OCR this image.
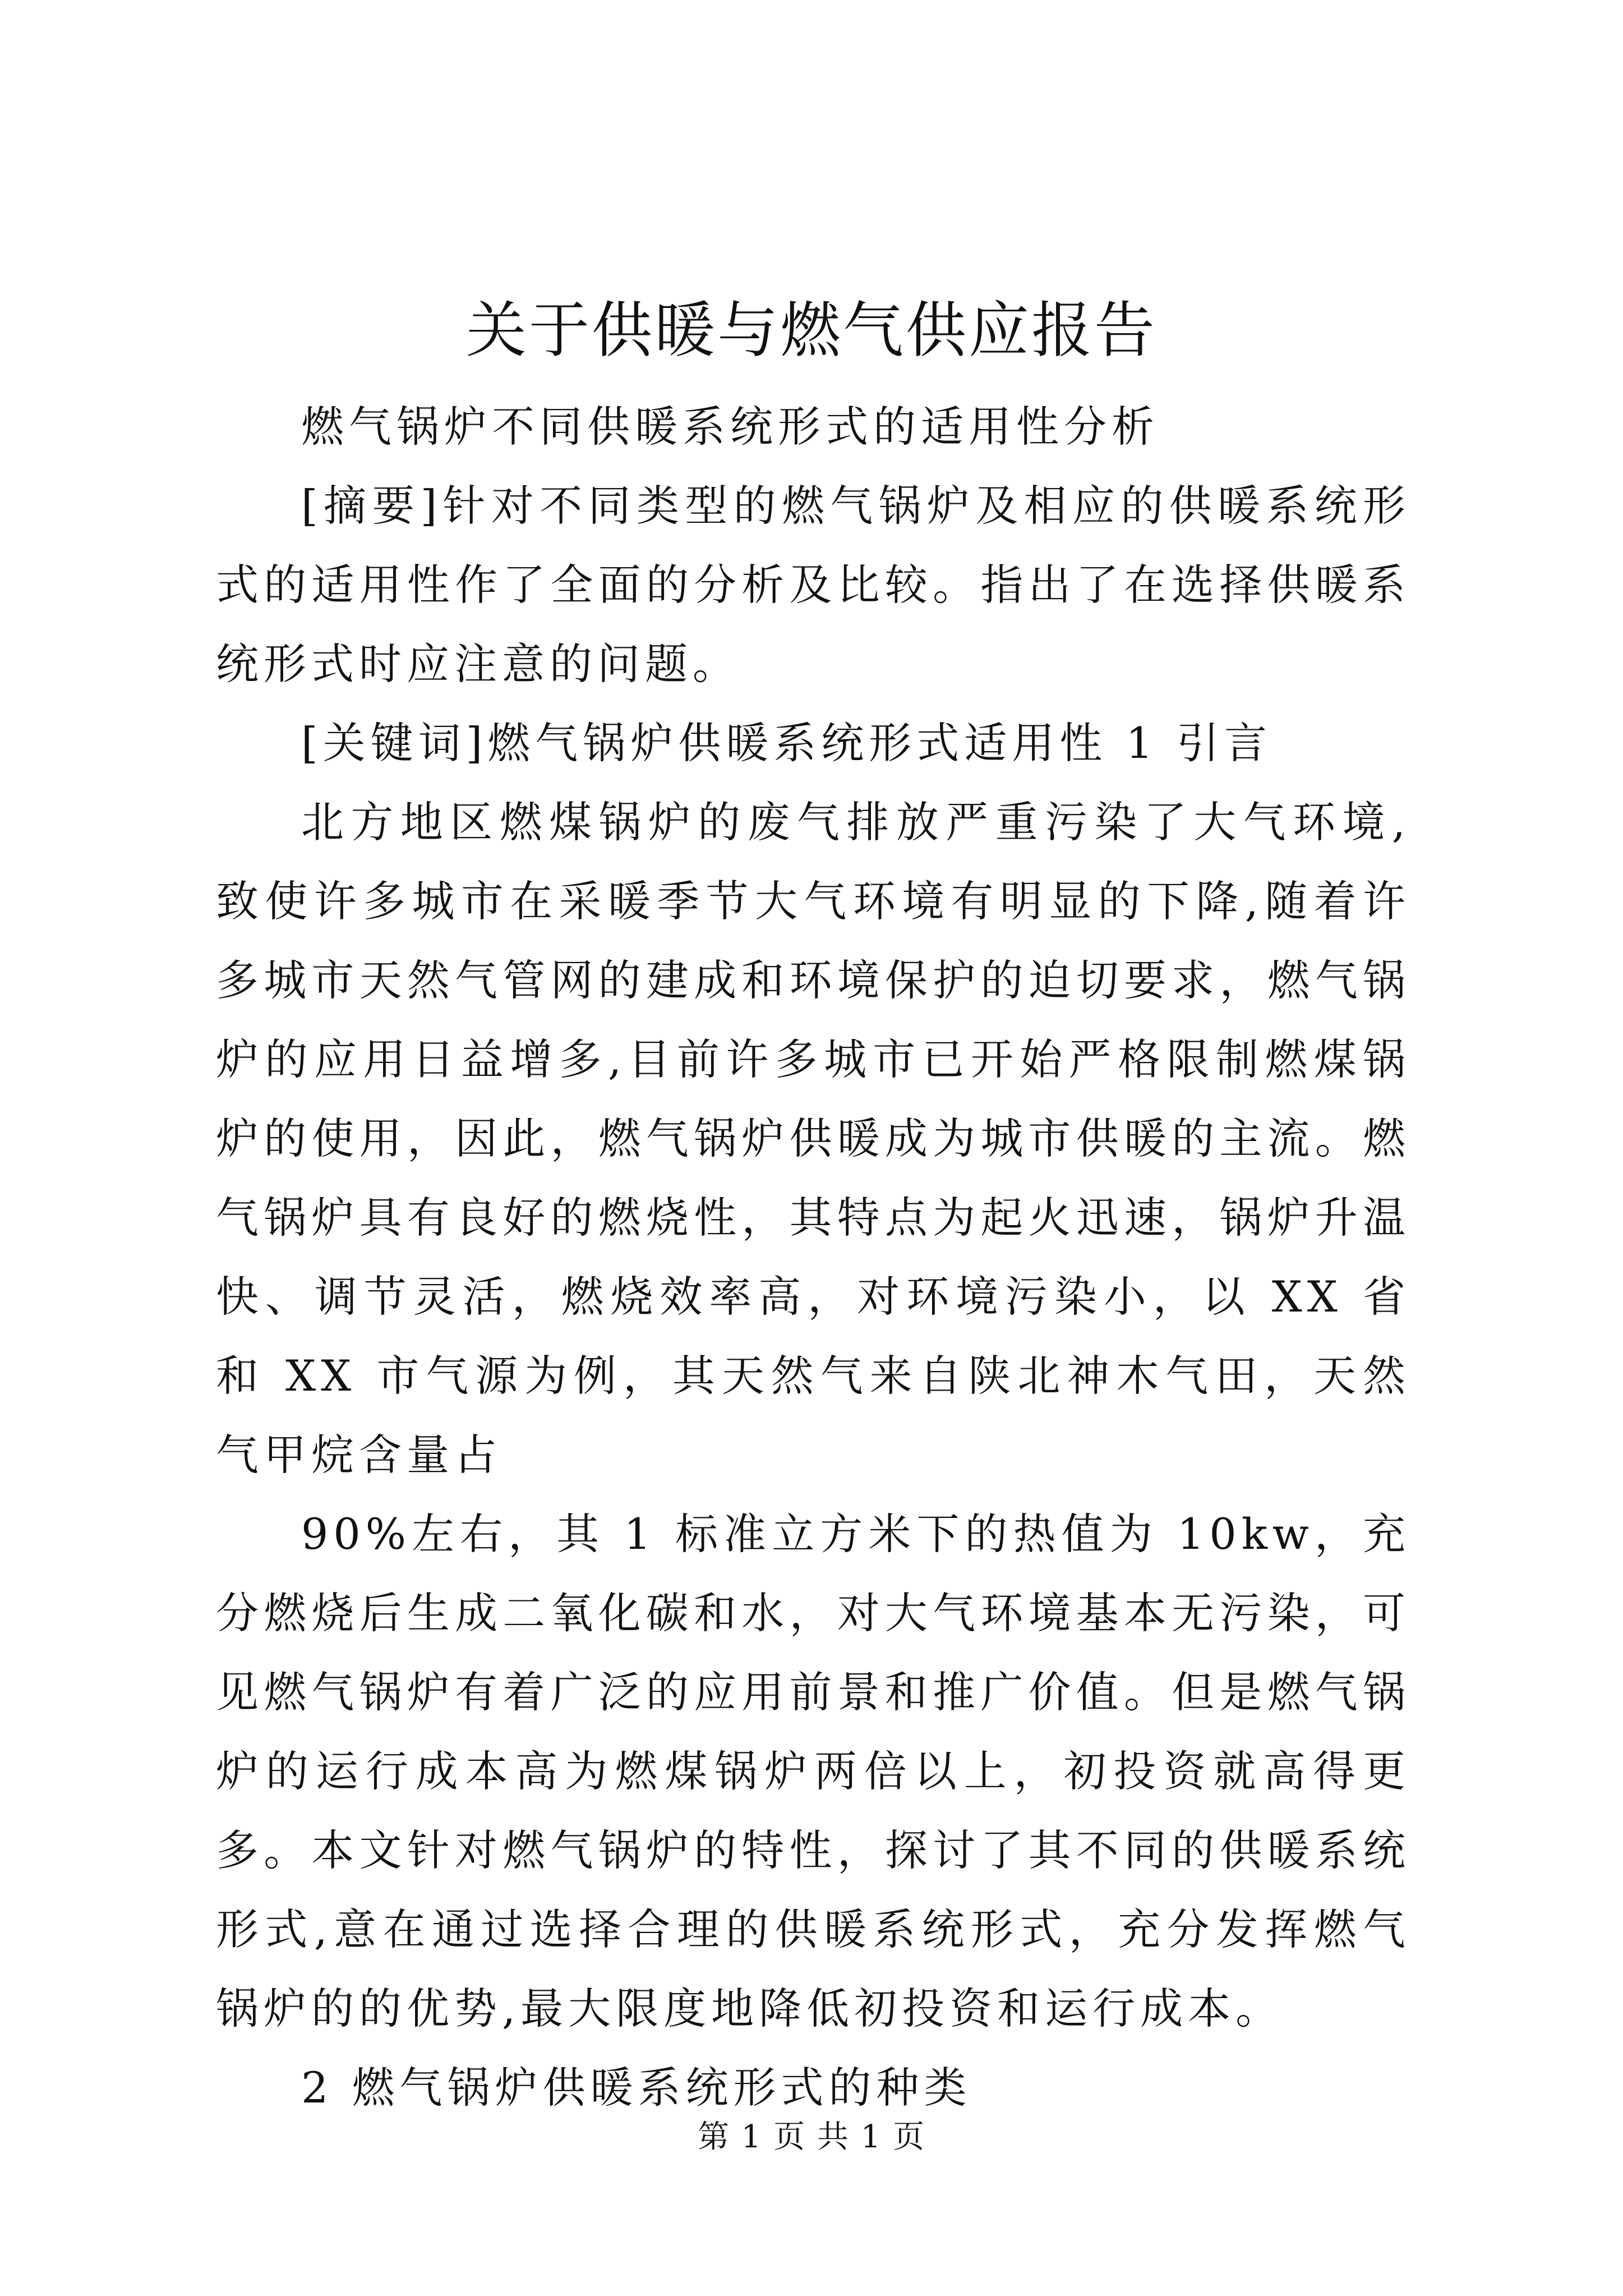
关于供暖与燃气供应报告

燃气锅炉不同供暖系统形式的适用性分析

[摘要]针对不同类型的燃气锅炉及相应的供暖系统形式的适用性作了全面的分析及比较。指出了在选择供暖系统形式时应注意的问题。

[关键词]燃气锅炉供暖系统形式适用性 1 引言

北方地区燃煤锅炉的废气排放严重污染了大气环境,致使许多城市在采暖季节大气环境有明显的下降,随着许多城市天然气管网的建成和环境保护的迫切要求，燃气锅炉的应用日益增多,目前许多城市已开始严格限制燃煤锅炉的使用，因此，燃气锅炉供暖成为城市供暖的主流。燃气锅炉具有良好的燃烧性，其特点为起火迅速，锅炉升温快、调节灵活，燃烧效率高，对环境污染小，以 XX 省和 XX 市气源为例，其天然气来自陕北神木气田，天然气甲烷含量占

90%左右，其 1 标准立方米下的热值为 10kw，充分燃烧后生成二氧化碳和水，对大气环境基本无污染，可见燃气锅炉有着广泛的应用前景和推广价值。但是燃气锅炉的运行成本高为燃煤锅炉两倍以上，初投资就高得更多。本文针对燃气锅炉的特性，探讨了其不同的供暖系统形式,意在通过选择合理的供暖系统形式，充分发挥燃气锅炉的的优势,最大限度地降低初投资和运行成本。

2 燃气锅炉供暖系统形式的种类

第 1 页 共 1 页
